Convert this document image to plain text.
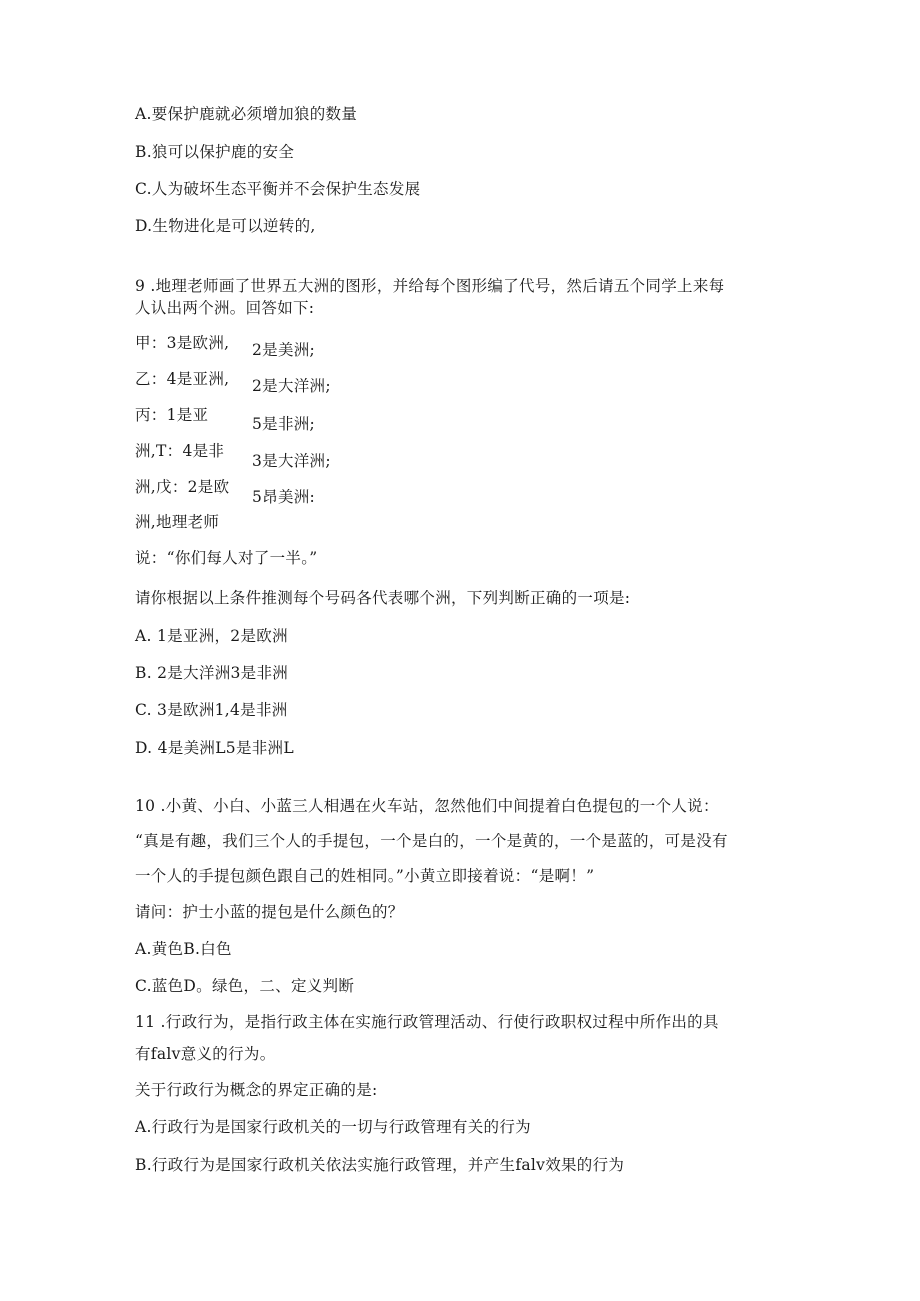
A.要保护鹿就必须增加狼的数量
B.狼可以保护鹿的安全
C.人为破坏生态平衡并不会保护生态发展
D.生物进化是可以逆转的,
9 .地理老师画了世界五大洲的图形，并给每个图形编了代号，然后请五个同学上来每
人认出两个洲。回答如下:
甲：3是欧洲, 2是美洲;
乙：4是亚洲, 2是大洋洲;
丙：1是亚	5是非洲;
洲,T：4是非
3是大洋洲;
洲,戊：2是欧
5昂美洲:
洲,地理老师
说：“你们每人对了一半。”
请你根据以上条件推测每个号码各代表哪个洲，下列判断正确的一项是:
A. 1是亚洲，2是欧洲
B. 2是大洋洲3是非洲
C. 3是欧洲1,4是非洲
D. 4是美洲L5是非洲L
10 .小黄、小白、小蓝三人相遇在火车站，忽然他们中间提着白色提包的一个人说：
“真是有趣，我们三个人的手提包，一个是白的，一个是黄的，一个是蓝的，可是没有
一个人的手提包颜色跟自己的姓相同。”小黄立即接着说：“是啊！”
请问：护士小蓝的提包是什么颜色的？
A.黄色B.白色
C.蓝色D。绿色，二、定义判断
11 .行政行为，是指行政主体在实施行政管理活动、行使行政职权过程中所作出的具
有falv意义的行为。
关于行政行为概念的界定正确的是:
A.行政行为是国家行政机关的一切与行政管理有关的行为
B.行政行为是国家行政机关依法实施行政管理，并产生falv效果的行为
